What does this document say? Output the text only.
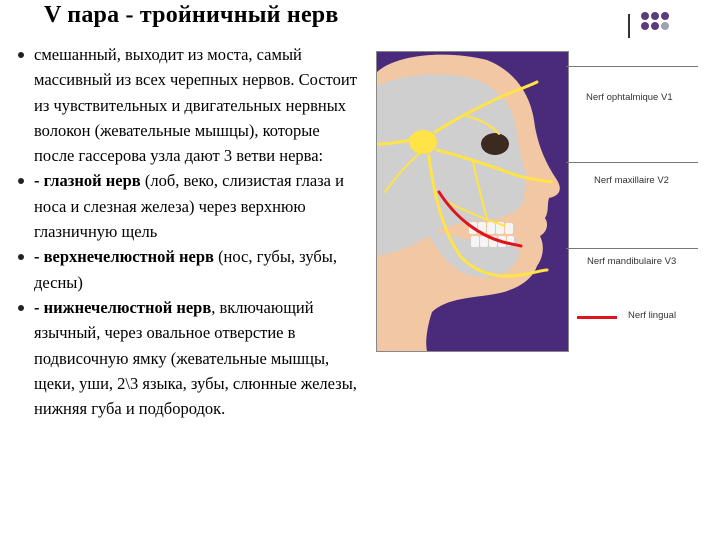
V пара - тройничный нерв
смешанный, выходит из моста, самый массивный из всех черепных нервов. Состоит из чувствительных и двигательных нервных волокон (жевательные мышцы), которые после гассерова узла дают 3 ветви нерва:
- глазной нерв (лоб, веко, слизистая глаза и носа и слезная железа) через верхнюю глазничную щель
- верхнечелюстной нерв (нос, губы, зубы, десны)
- нижнечелюстной нерв, включающий язычный, через овальное отверстие в подвисочную ямку (жевательные мышцы, щеки, уши, 2\3 языка, зубы, слюнные железы, нижняя губа и подбородок.
Nerf ophtalmique V1
Nerf maxillaire V2
Nerf mandibulaire V3
Nerf lingual
